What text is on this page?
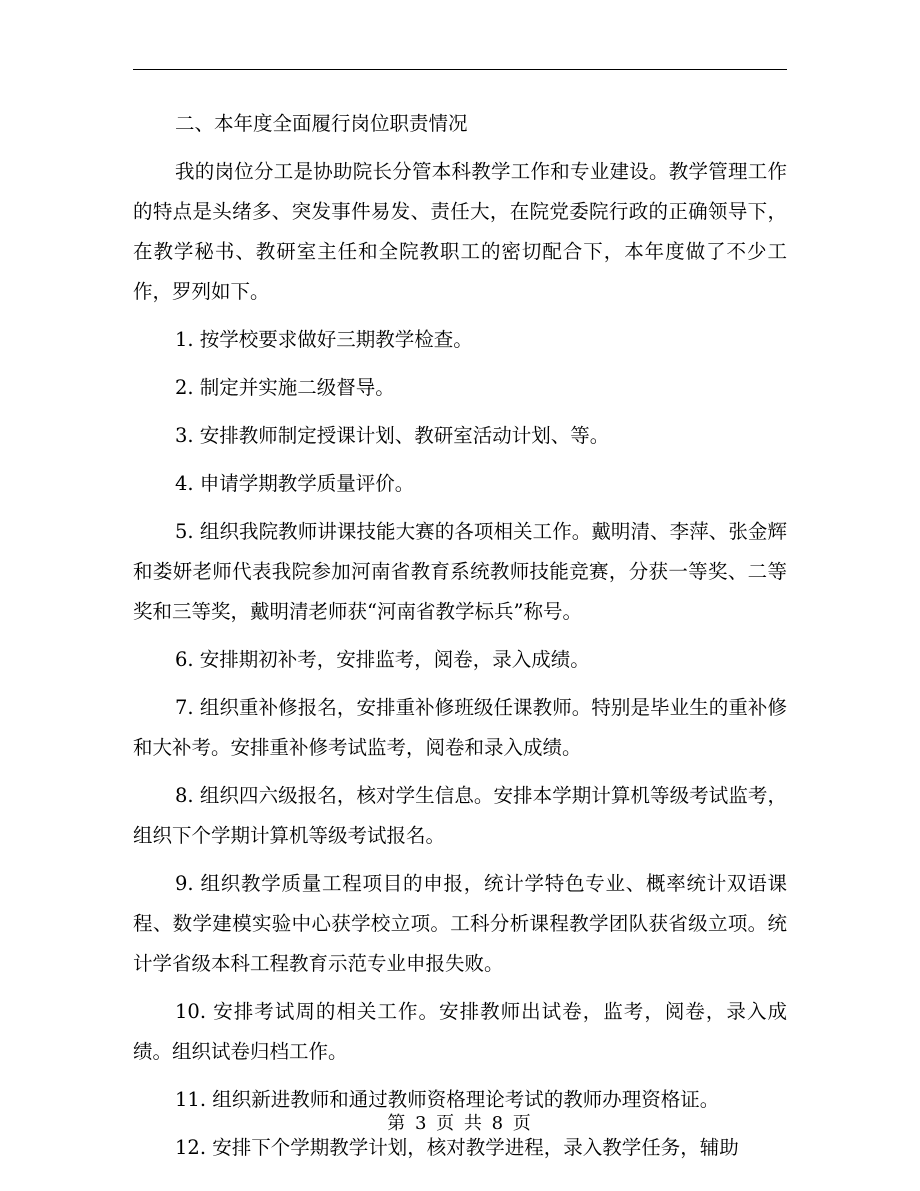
二、本年度全面履行岗位职责情况

我的岗位分工是协助院长分管本科教学工作和专业建设。教学管理工作的特点是头绪多、突发事件易发、责任大，在院党委院行政的正确领导下，在教学秘书、教研室主任和全院教职工的密切配合下，本年度做了不少工作，罗列如下。

1. 按学校要求做好三期教学检查。

2. 制定并实施二级督导。

3. 安排教师制定授课计划、教研室活动计划、等。

4. 申请学期教学质量评价。

5. 组织我院教师讲课技能大赛的各项相关工作。戴明清、李萍、张金辉和娄妍老师代表我院参加河南省教育系统教师技能竞赛，分获一等奖、二等奖和三等奖，戴明清老师获“河南省教学标兵”称号。

6. 安排期初补考，安排监考，阅卷，录入成绩。

7. 组织重补修报名，安排重补修班级任课教师。特别是毕业生的重补修和大补考。安排重补修考试监考，阅卷和录入成绩。

8. 组织四六级报名，核对学生信息。安排本学期计算机等级考试监考，组织下个学期计算机等级考试报名。

9. 组织教学质量工程项目的申报，统计学特色专业、概率统计双语课程、数学建模实验中心获学校立项。工科分析课程教学团队获省级立项。统计学省级本科工程教育示范专业申报失败。

10. 安排考试周的相关工作。安排教师出试卷，监考，阅卷，录入成绩。组织试卷归档工作。

11. 组织新进教师和通过教师资格理论考试的教师办理资格证。

12. 安排下个学期教学计划，核对教学进程，录入教学任务，辅助

第 3 页 共 8 页
